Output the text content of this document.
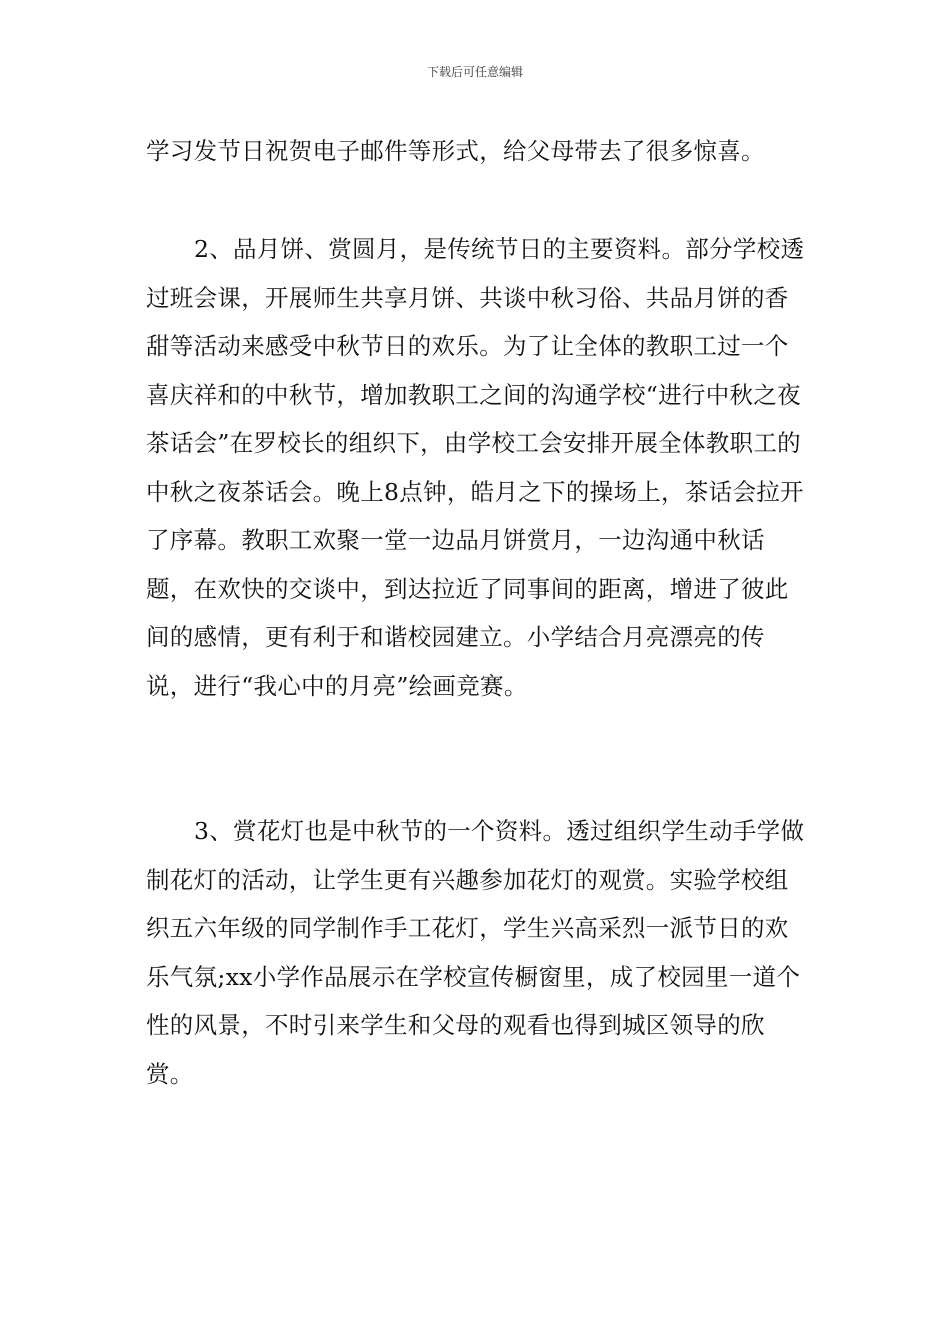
下载后可任意编辑

学习发节日祝贺电子邮件等形式，给父母带去了很多惊喜。

2、品月饼、赏圆月，是传统节日的主要资料。部分学校透过班会课，开展师生共享月饼、共谈中秋习俗、共品月饼的香甜等活动来感受中秋节日的欢乐。为了让全体的教职工过一个喜庆祥和的中秋节，增加教职工之间的沟通学校“进行中秋之夜茶话会”在罗校长的组织下，由学校工会安排开展全体教职工的中秋之夜茶话会。晚上8点钟，皓月之下的操场上，茶话会拉开了序幕。教职工欢聚一堂一边品月饼赏月，一边沟通中秋话题，在欢快的交谈中，到达拉近了同事间的距离，增进了彼此间的感情，更有利于和谐校园建立。小学结合月亮漂亮的传说，进行“我心中的月亮”绘画竞赛。

3、赏花灯也是中秋节的一个资料。透过组织学生动手学做制花灯的活动，让学生更有兴趣参加花灯的观赏。实验学校组织五六年级的同学制作手工花灯，学生兴高采烈一派节日的欢乐气氛;xx小学作品展示在学校宣传橱窗里，成了校园里一道个性的风景，不时引来学生和父母的观看也得到城区领导的欣赏。
